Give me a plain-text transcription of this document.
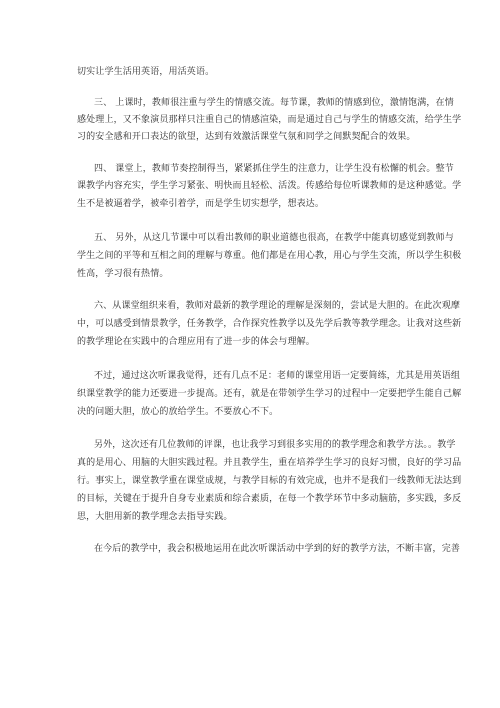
切实让学生活用英语，用活英语。
三、 上课时，教师很注重与学生的情感交流。每节课，教师的情感到位，激情饱满，在情
感处理上，又不象演员那样只注重自己的情感渲染，而是通过自己与学生的情感交流，给学生学
习的安全感和开口表达的欲望，达到有效激活课堂气氛和同学之间默契配合的效果。
四、 课堂上，教师节奏控制得当，紧紧抓住学生的注意力，让学生没有松懈的机会。整节
课教学内容充实，学生学习紧张、明快而且轻松、活泼。传感给每位听课教师的是这种感觉。学
生不是被逼着学，被牵引着学，而是学生切实想学，想表达。
五、 另外，从这几节课中可以看出教师的职业道德也很高，在教学中能真切感觉到教师与
学生之间的平等和互相之间的理解与尊重。他们都是在用心教，用心与学生交流，所以学生积极
性高，学习很有热情。
六、从课堂组织来看，教师对最新的教学理论的理解是深刻的，尝试是大胆的。在此次观摩
中，可以感受到情景教学，任务教学，合作探究性教学以及先学后教等教学理念。让我对这些新
的教学理论在实践中的合理应用有了进一步的体会与理解。
不过，通过这次听课我觉得，还有几点不足：老师的课堂用语一定要简练，尤其是用英语组
织课堂教学的能力还要进一步提高。还有，就是在带领学生学习的过程中一定要把学生能自己解
决的问题大胆，放心的放给学生。不要放心不下。
另外，这次还有几位教师的评课，也让我学习到很多实用的的教学理念和教学方法。。教学
真的是用心、用脑的大胆实践过程。并且教学生，重在培养学生学习的良好习惯，良好的学习品
行。事实上，课堂教学重在课堂成规，与教学目标的有效完成，也并不是我们一线教师无法达到
的目标，关键在于提升自身专业素质和综合素质，在每一个教学环节中多动脑筋，多实践，多反
思，大胆用新的教学理念去指导实践。
在今后的教学中，我会积极地运用在此次听课活动中学到的好的教学方法，不断丰富，完善
